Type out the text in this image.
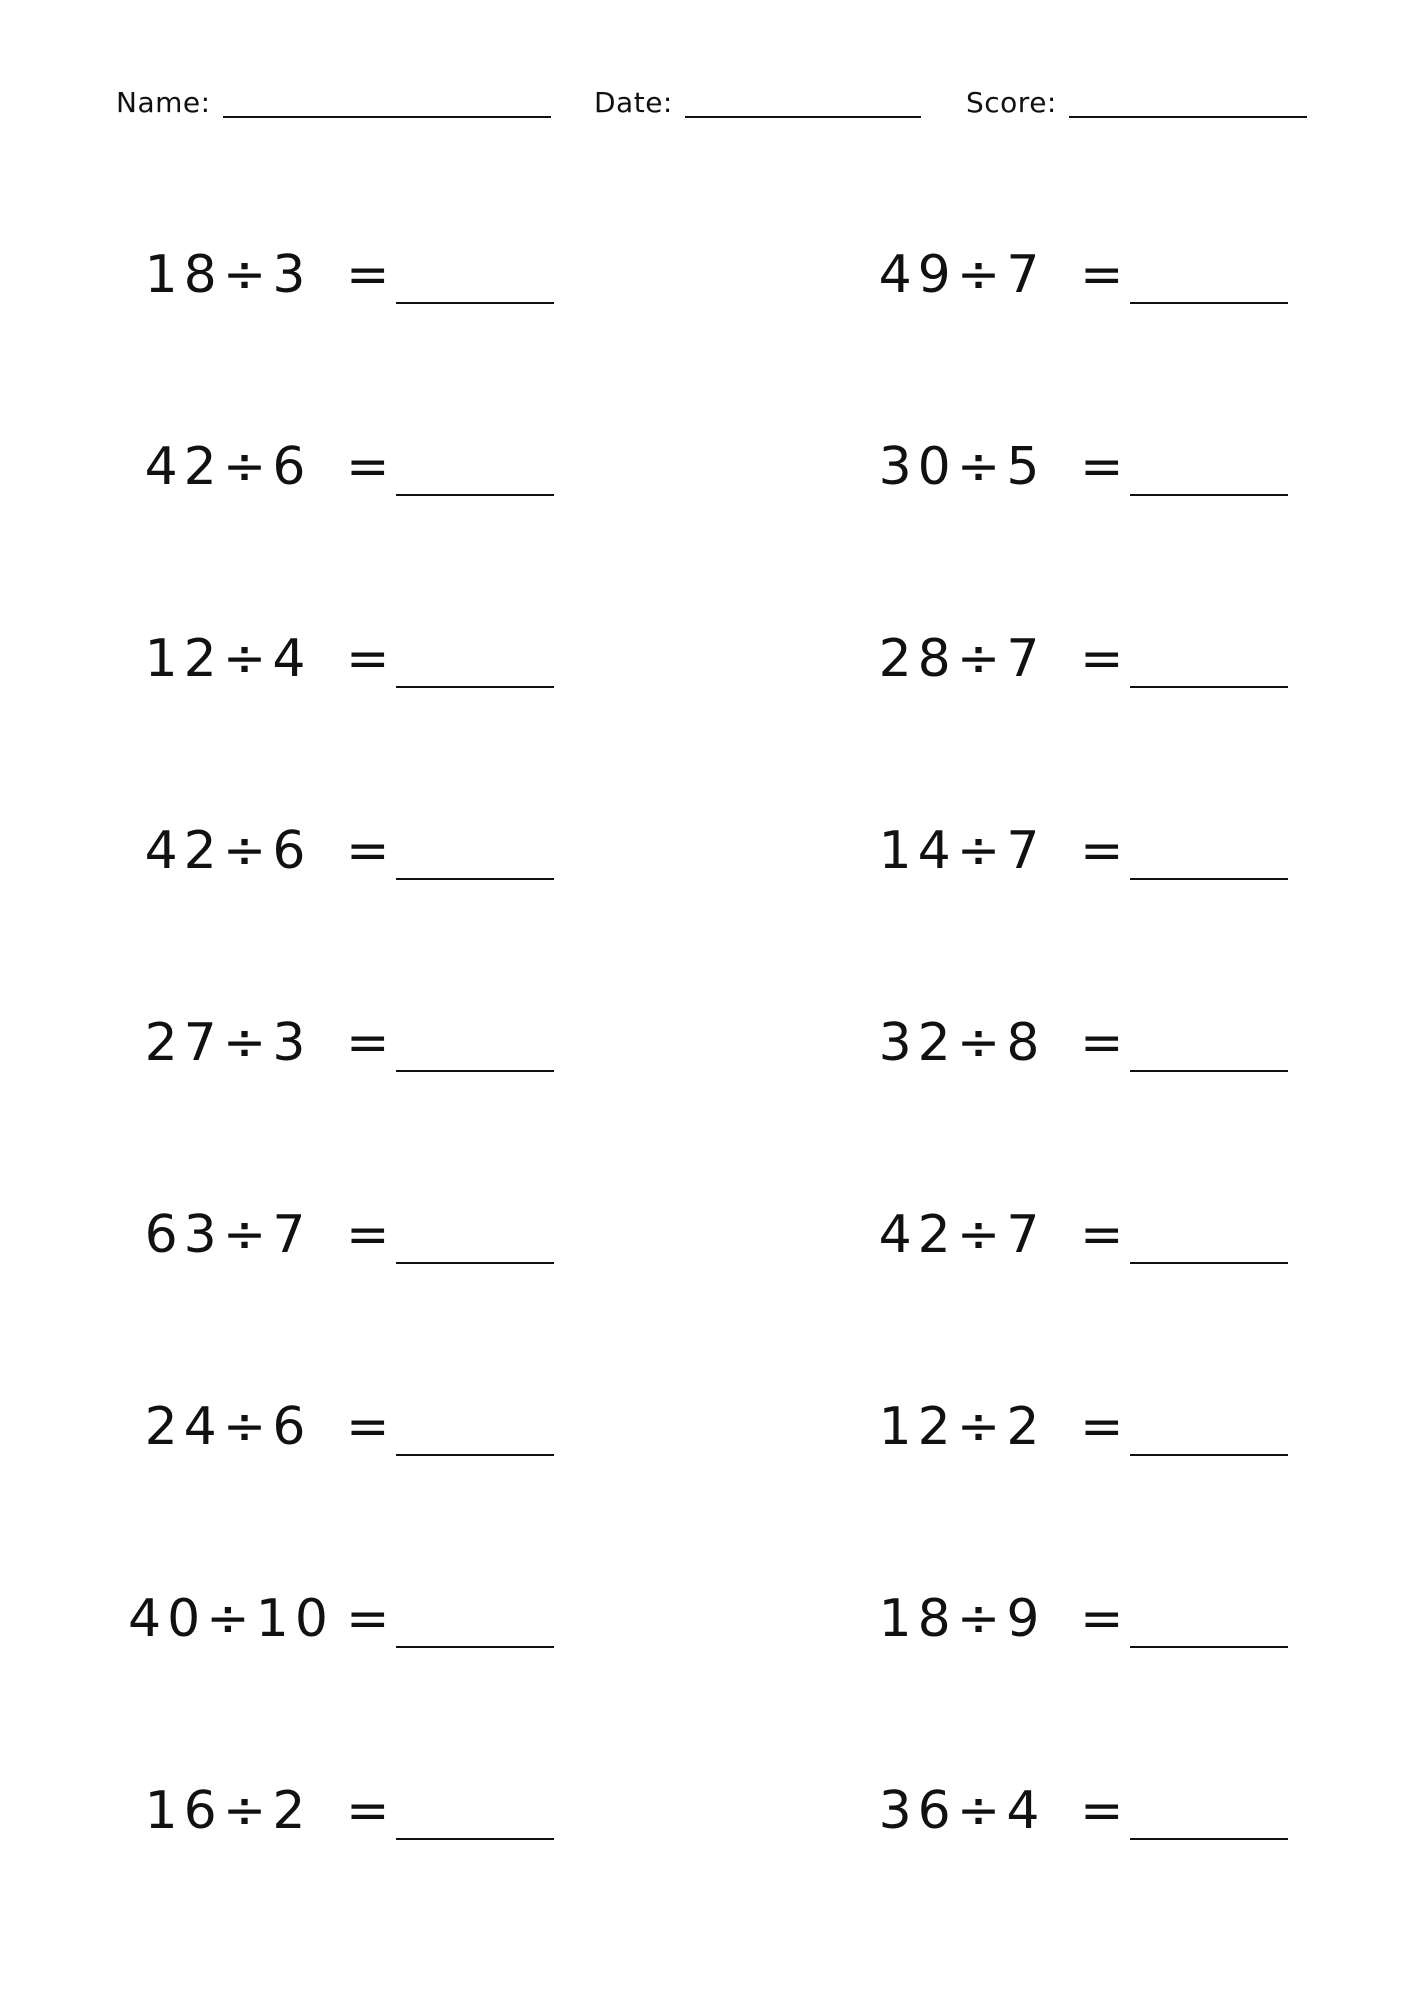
Name:	Date:	Score:
18÷3 =
42÷6 =
12÷4 =
42÷6 =
27÷3 =
63÷7 =
24÷6 =
40÷10 =
16÷2 =
49÷7 =
30÷5 =
28÷7 =
14÷7 =
32÷8 =
42÷7 =
12÷2 =
18÷9 =
36÷4 =
